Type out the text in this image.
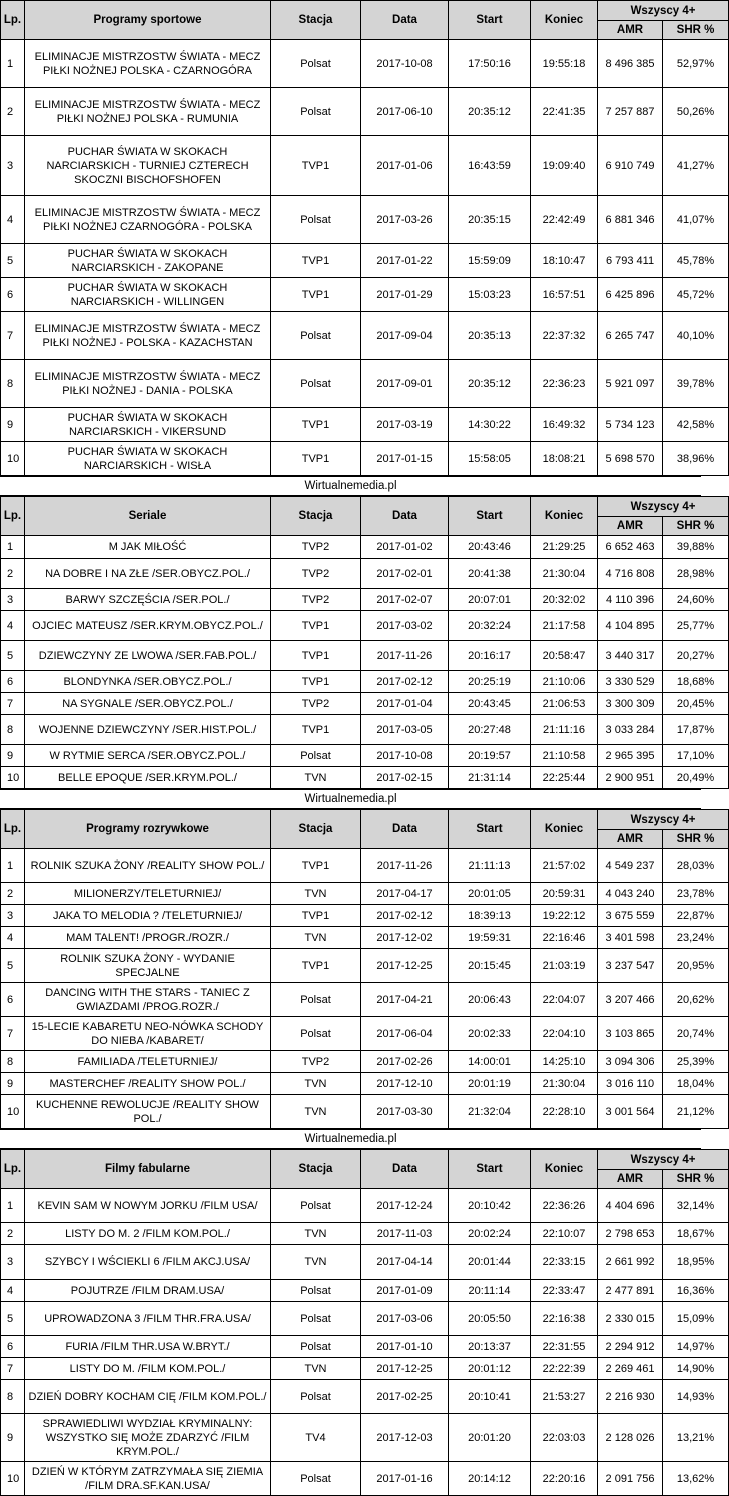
Lp.	Programy sportowe	Stacja	Data	Start	Koniec	Wszyscy 4+	
						AMR	SHR %
1	ELIMINACJE MISTRZOSTW ŚWIATA - MECZ PIŁKI NOŻNEJ POLSKA - CZARNOGÓRA	Polsat	2017-10-08	17:50:16	19:55:18	8 496 385	52,97%
2	ELIMINACJE MISTRZOSTW ŚWIATA - MECZ PIŁKI NOŻNEJ POLSKA - RUMUNIA	Polsat	2017-06-10	20:35:12	22:41:35	7 257 887	50,26%
3	PUCHAR ŚWIATA W SKOKACH NARCIARSKICH - TURNIEJ CZTERECH SKOCZNI BISCHOFSHOFEN	TVP1	2017-01-06	16:43:59	19:09:40	6 910 749	41,27%
4	ELIMINACJE MISTRZOSTW ŚWIATA - MECZ PIŁKI NOŻNEJ CZARNOGÓRA - POLSKA	Polsat	2017-03-26	20:35:15	22:42:49	6 881 346	41,07%
5	PUCHAR ŚWIATA W SKOKACH NARCIARSKICH - ZAKOPANE	TVP1	2017-01-22	15:59:09	18:10:47	6 793 411	45,78%
6	PUCHAR ŚWIATA W SKOKACH NARCIARSKICH - WILLINGEN	TVP1	2017-01-29	15:03:23	16:57:51	6 425 896	45,72%
7	ELIMINACJE MISTRZOSTW ŚWIATA - MECZ PIŁKI NOŻNEJ - POLSKA - KAZACHSTAN	Polsat	2017-09-04	20:35:13	22:37:32	6 265 747	40,10%
8	ELIMINACJE MISTRZOSTW ŚWIATA - MECZ PIŁKI NOŻNEJ - DANIA - POLSKA	Polsat	2017-09-01	20:35:12	22:36:23	5 921 097	39,78%
9	PUCHAR ŚWIATA W SKOKACH NARCIARSKICH - VIKERSUND	TVP1	2017-03-19	14:30:22	16:49:32	5 734 123	42,58%
10	PUCHAR ŚWIATA W SKOKACH NARCIARSKICH - WISŁA	TVP1	2017-01-15	15:58:05	18:08:21	5 698 570	38,96%
Wirtualnemedia.pl
Lp.	Seriale	Stacja	Data	Start	Koniec	Wszyscy 4+	
						AMR	SHR %
1	M JAK MIŁOŚĆ	TVP2	2017-01-02	20:43:46	21:29:25	6 652 463	39,88%
2	NA DOBRE I NA ZŁE /SER.OBYCZ.POL./	TVP2	2017-02-01	20:41:38	21:30:04	4 716 808	28,98%
3	BARWY SZCZĘŚCIA /SER.POL./	TVP2	2017-02-07	20:07:01	20:32:02	4 110 396	24,60%
4	OJCIEC MATEUSZ /SER.KRYM.OBYCZ.POL./	TVP1	2017-03-02	20:32:24	21:17:58	4 104 895	25,77%
5	DZIEWCZYNY ZE LWOWA /SER.FAB.POL./	TVP1	2017-11-26	20:16:17	20:58:47	3 440 317	20,27%
6	BLONDYNKA /SER.OBYCZ.POL./	TVP1	2017-02-12	20:25:19	21:10:06	3 330 529	18,68%
7	NA SYGNALE /SER.OBYCZ.POL./	TVP2	2017-01-04	20:43:45	21:06:53	3 300 309	20,45%
8	WOJENNE DZIEWCZYNY /SER.HIST.POL./	TVP1	2017-03-05	20:27:48	21:11:16	3 033 284	17,87%
9	W RYTMIE SERCA /SER.OBYCZ.POL./	Polsat	2017-10-08	20:19:57	21:10:58	2 965 395	17,10%
10	BELLE EPOQUE /SER.KRYM.POL./	TVN	2017-02-15	21:31:14	22:25:44	2 900 951	20,49%
Wirtualnemedia.pl
Lp.	Programy rozrywkowe	Stacja	Data	Start	Koniec	Wszyscy 4+	
						AMR	SHR %
1	ROLNIK SZUKA ŻONY /REALITY SHOW POL./	TVP1	2017-11-26	21:11:13	21:57:02	4 549 237	28,03%
2	MILIONERZY/TELETURNIEJ/	TVN	2017-04-17	20:01:05	20:59:31	4 043 240	23,78%
3	JAKA TO MELODIA ? /TELETURNIEJ/	TVP1	2017-02-12	18:39:13	19:22:12	3 675 559	22,87%
4	MAM TALENT! /PROGR./ROZR./	TVN	2017-12-02	19:59:31	22:16:46	3 401 598	23,24%
5	ROLNIK SZUKA ŻONY - WYDANIE SPECJALNE	TVP1	2017-12-25	20:15:45	21:03:19	3 237 547	20,95%
6	DANCING WITH THE STARS - TANIEC Z GWIAZDAMI /PROG.ROZR./	Polsat	2017-04-21	20:06:43	22:04:07	3 207 466	20,62%
7	15-LECIE KABARETU NEO-NÓWKA SCHODY DO NIEBA /KABARET/	Polsat	2017-06-04	20:02:33	22:04:10	3 103 865	20,74%
8	FAMILIADA /TELETURNIEJ/	TVP2	2017-02-26	14:00:01	14:25:10	3 094 306	25,39%
9	MASTERCHEF /REALITY SHOW POL./	TVN	2017-12-10	20:01:19	21:30:04	3 016 110	18,04%
10	KUCHENNE REWOLUCJE /REALITY SHOW POL./	TVN	2017-03-30	21:32:04	22:28:10	3 001 564	21,12%
Wirtualnemedia.pl
Lp.	Filmy fabularne	Stacja	Data	Start	Koniec	Wszyscy 4+	
						AMR	SHR %
1	KEVIN SAM W NOWYM JORKU /FILM USA/	Polsat	2017-12-24	20:10:42	22:36:26	4 404 696	32,14%
2	LISTY DO M. 2 /FILM KOM.POL./	TVN	2017-11-03	20:02:24	22:10:07	2 798 653	18,67%
3	SZYBCY I WŚCIEKLI 6 /FILM AKCJ.USA/	TVN	2017-04-14	20:01:44	22:33:15	2 661 992	18,95%
4	POJUTRZE /FILM DRAM.USA/	Polsat	2017-01-09	20:11:14	22:33:47	2 477 891	16,36%
5	UPROWADZONA 3 /FILM THR.FRA.USA/	Polsat	2017-03-06	20:05:50	22:16:38	2 330 015	15,09%
6	FURIA /FILM THR.USA W.BRYT./	Polsat	2017-01-10	20:13:37	22:31:55	2 294 912	14,97%
7	LISTY DO M. /FILM KOM.POL./	TVN	2017-12-25	20:01:12	22:22:39	2 269 461	14,90%
8	DZIEŃ DOBRY KOCHAM CIĘ /FILM KOM.POL./	Polsat	2017-02-25	20:10:41	21:53:27	2 216 930	14,93%
9	SPRAWIEDLIWI WYDZIAŁ KRYMINALNY: WSZYSTKO SIĘ MOŻE ZDARZYĆ /FILM KRYM.POL./	TV4	2017-12-03	20:01:20	22:03:03	2 128 026	13,21%
10	DZIEŃ W KTÓRYM ZATRZYMAŁA SIĘ ZIEMIA /FILM DRA.SF.KAN.USA/	Polsat	2017-01-16	20:14:12	22:20:16	2 091 756	13,62%
